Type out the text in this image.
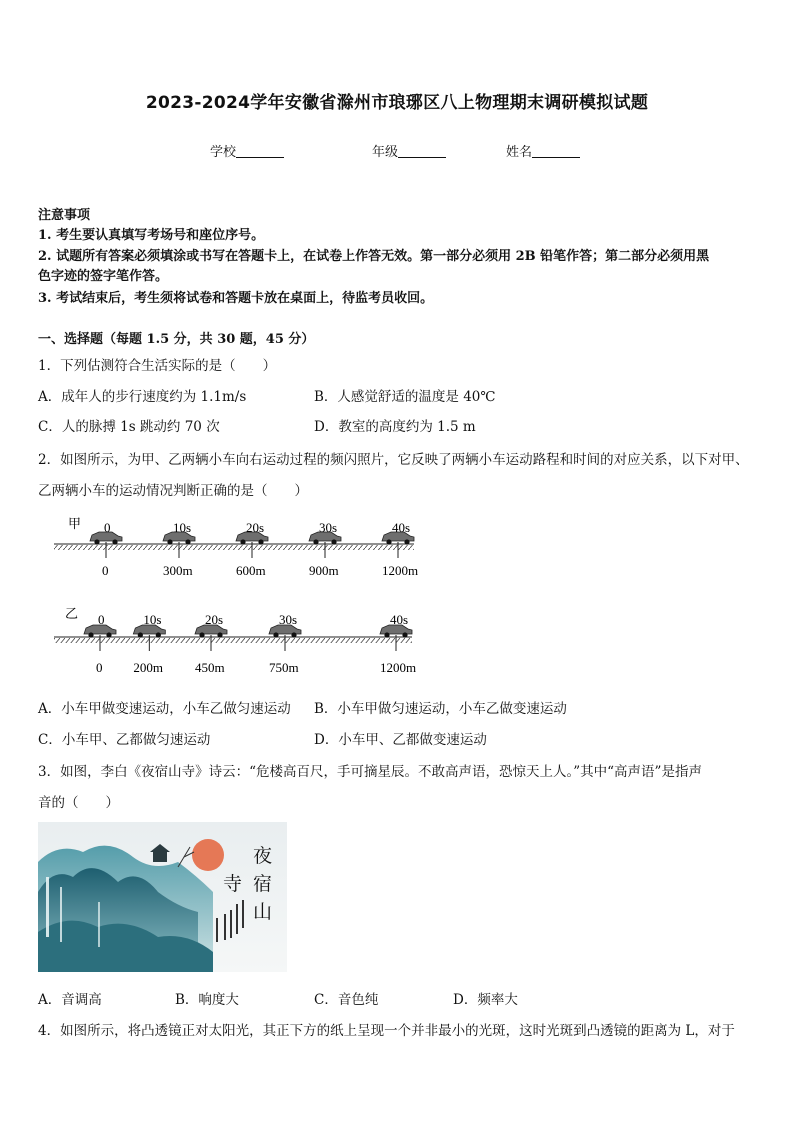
2023-2024学年安徽省滁州市琅琊区八上物理期末调研模拟试题
学校	年级	姓名
注意事项
1. 考生要认真填写考场号和座位序号。
2. 试题所有答案必须填涂或书写在答题卡上，在试卷上作答无效。第一部分必须用 2B 铅笔作答；第二部分必须用黑
色字迹的签字笔作答。
3. 考试结束后，考生须将试卷和答题卡放在桌面上，待监考员收回。
一、选择题（每题 1.5 分，共 30 题，45 分）
1．下列估测符合生活实际的是（　　）
A．成年人的步行速度约为 1.1m/s	B．人感觉舒适的温度是 40℃
C．人的脉搏 1s 跳动约 70 次	D．教室的高度约为 1.5 m
2．如图所示，为甲、乙两辆小车向右运动过程的频闪照片，它反映了两辆小车运动路程和时间的对应关系，以下对甲、
乙两辆小车的运动情况判断正确的是（　　）
甲 0	10s	20s	30s	40s
0	300m	600m	900m	1200m
乙 0	10s	20s	30s	40s
0 200m 450m	750m	1200m
A．小车甲做变速运动，小车乙做匀速运动 B．小车甲做匀速运动，小车乙做变速运动
C．小车甲、乙都做匀速运动	D．小车甲、乙都做变速运动
3．如图，李白《夜宿山寺》诗云：“危楼高百尺，手可摘星辰。不敢高声语，恐惊天上人。”其中“高声语”是指声
音的（　　）
夜
宿
山
寺
A．音调高	B．响度大	C．音色纯	D．频率大
4．如图所示，将凸透镜正对太阳光，其正下方的纸上呈现一个并非最小的光斑，这时光斑到凸透镜的距离为 L，对于
